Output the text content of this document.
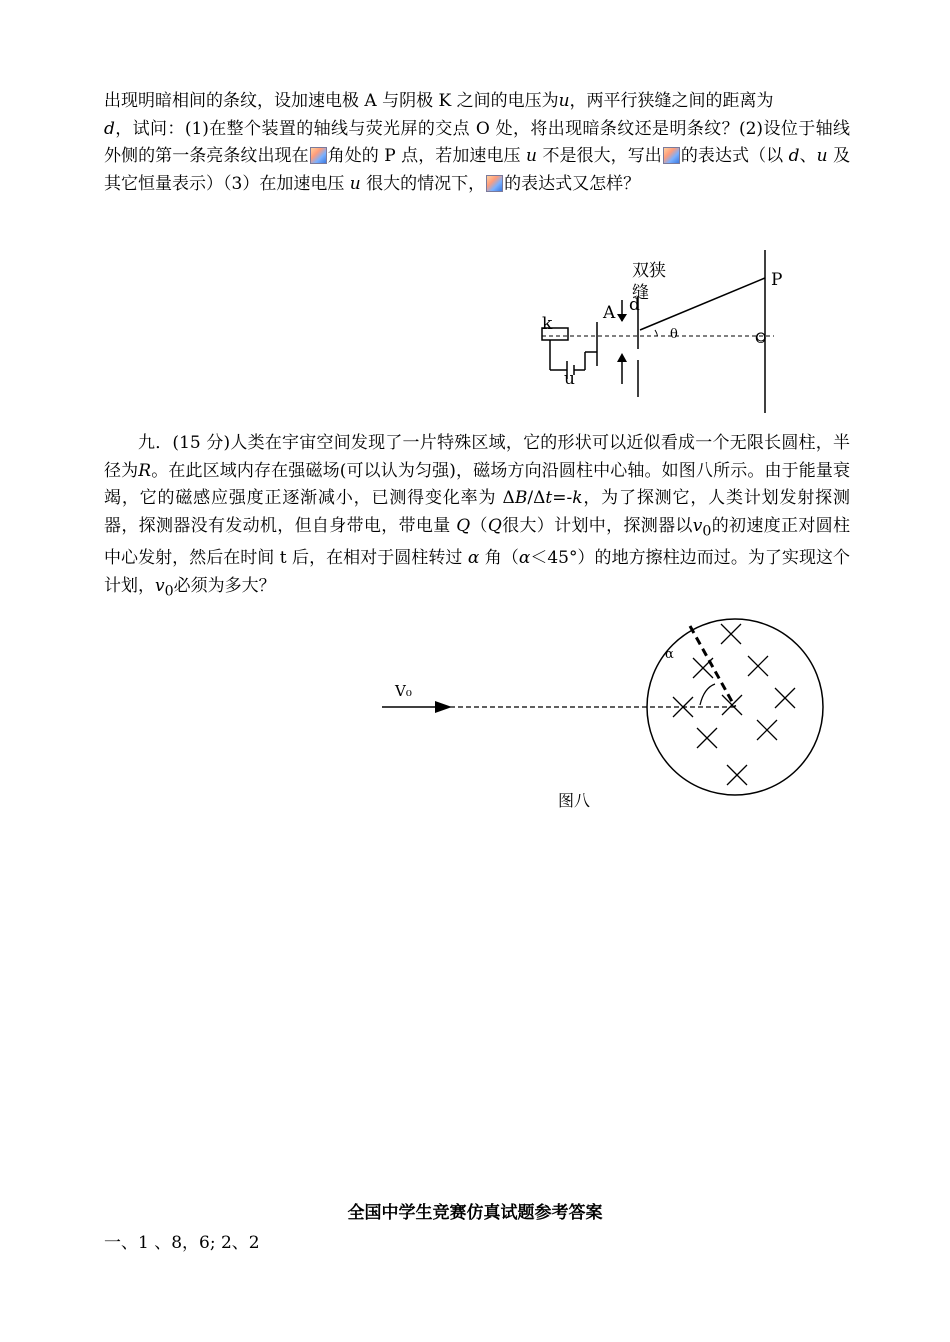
出现明暗相间的条纹，设加速电极 A 与阴极 K 之间的电压为u，两平行狭缝之间的距离为
d，试问：(1)在整个装置的轴线与荧光屏的交点 O 处，将出现暗条纹还是明条纹？(2)设位于轴线外侧的第一条亮条纹出现在 角处的 P 点，若加速电压 u 不是很大，写出 的表达式（以 d、u 及其它恒量表示）（3）在加速电压 u 很大的情况下， 的表达式又怎样？
双狭
缝
P
A d
k
θ	O
u
V₀
α
九．(15 分)人类在宇宙空间发现了一片特殊区域，它的形状可以近似看成一个无限长圆柱，半径为R。在此区域内存在强磁场(可以认为匀强)，磁场方向沿圆柱中心轴。如图八所示。由于能量衰竭，它的磁感应强度正逐渐减小，已测得变化率为 ΔB/Δt=-k，为了探测它，人类计划发射探测器，探测器没有发动机，但自身带电，带电量 Q（Q很大）计划中，探测器以$v_0$的初速度正对圆柱中心发射，然后在时间 t 后，在相对于圆柱转过 α 角（α＜45°）的地方擦柱边而过。为了实现这个计划，$v_0$必须为多大？
图八
全国中学生竞赛仿真试题参考答案
一、1 、8，6; 2、2
